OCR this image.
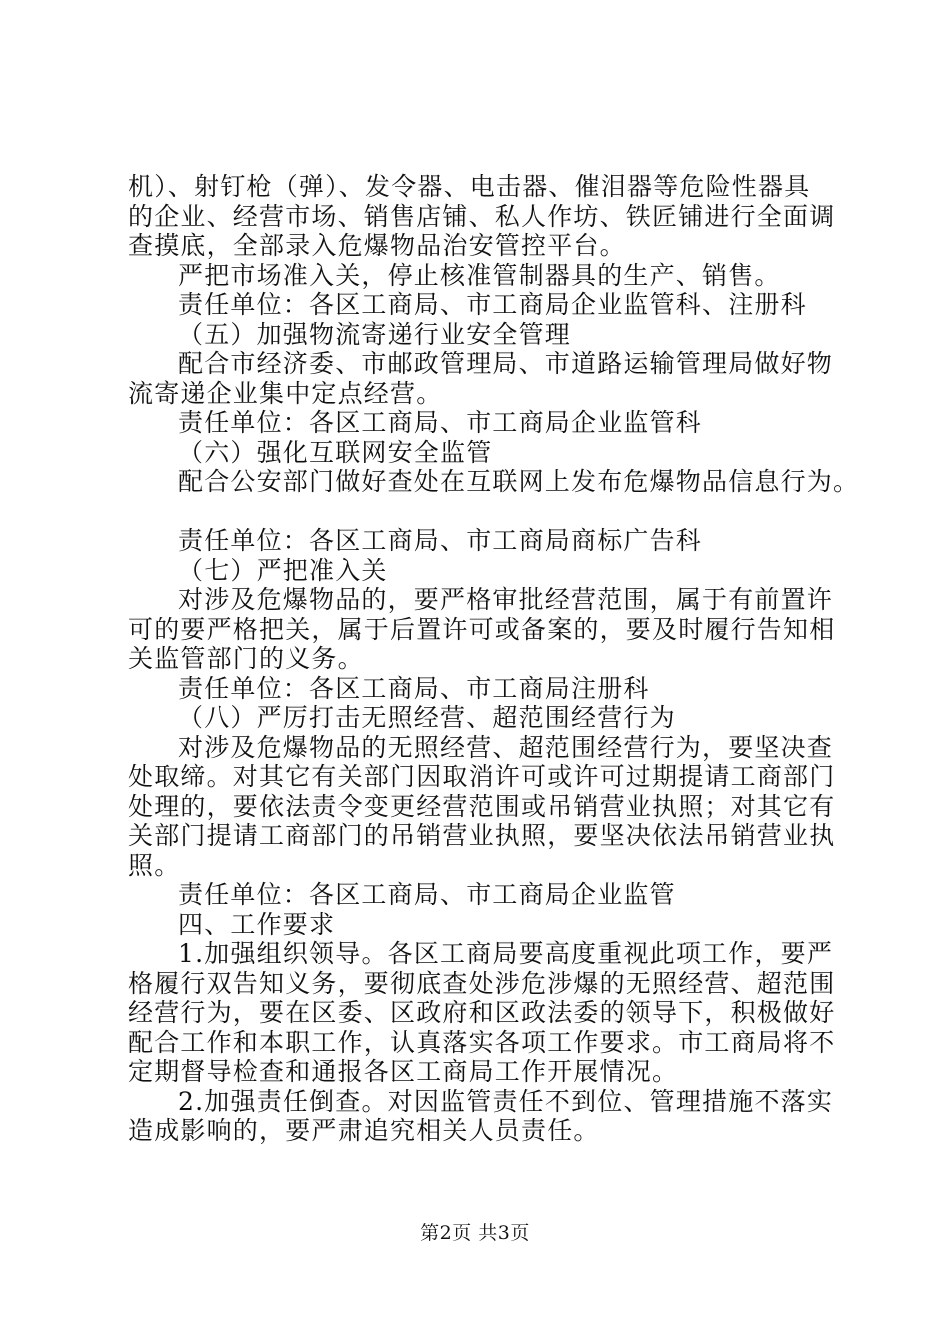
机）、射钉枪（弹）、发令器、电击器、催泪器等危险性器具
的企业、经营市场、销售店铺、私人作坊、铁匠铺进行全面调
查摸底，全部录入危爆物品治安管控平台。
严把市场准入关，停止核准管制器具的生产、销售。
责任单位：各区工商局、市工商局企业监管科、注册科
（五）加强物流寄递行业安全管理
配合市经济委、市邮政管理局、市道路运输管理局做好物
流寄递企业集中定点经营。
责任单位：各区工商局、市工商局企业监管科
（六）强化互联网安全监管
配合公安部门做好查处在互联网上发布危爆物品信息行为。
责任单位：各区工商局、市工商局商标广告科
（七）严把准入关
对涉及危爆物品的，要严格审批经营范围，属于有前置许
可的要严格把关，属于后置许可或备案的，要及时履行告知相
关监管部门的义务。
责任单位：各区工商局、市工商局注册科
（八）严厉打击无照经营、超范围经营行为
对涉及危爆物品的无照经营、超范围经营行为，要坚决查
处取缔。对其它有关部门因取消许可或许可过期提请工商部门
处理的，要依法责令变更经营范围或吊销营业执照；对其它有
关部门提请工商部门的吊销营业执照，要坚决依法吊销营业执
照。
责任单位：各区工商局、市工商局企业监管
四、工作要求
1.加强组织领导。各区工商局要高度重视此项工作，要严
格履行双告知义务，要彻底查处涉危涉爆的无照经营、超范围
经营行为，要在区委、区政府和区政法委的领导下，积极做好
配合工作和本职工作，认真落实各项工作要求。市工商局将不
定期督导检查和通报各区工商局工作开展情况。
2.加强责任倒查。对因监管责任不到位、管理措施不落实
造成影响的，要严肃追究相关人员责任。
第2页 共3页
